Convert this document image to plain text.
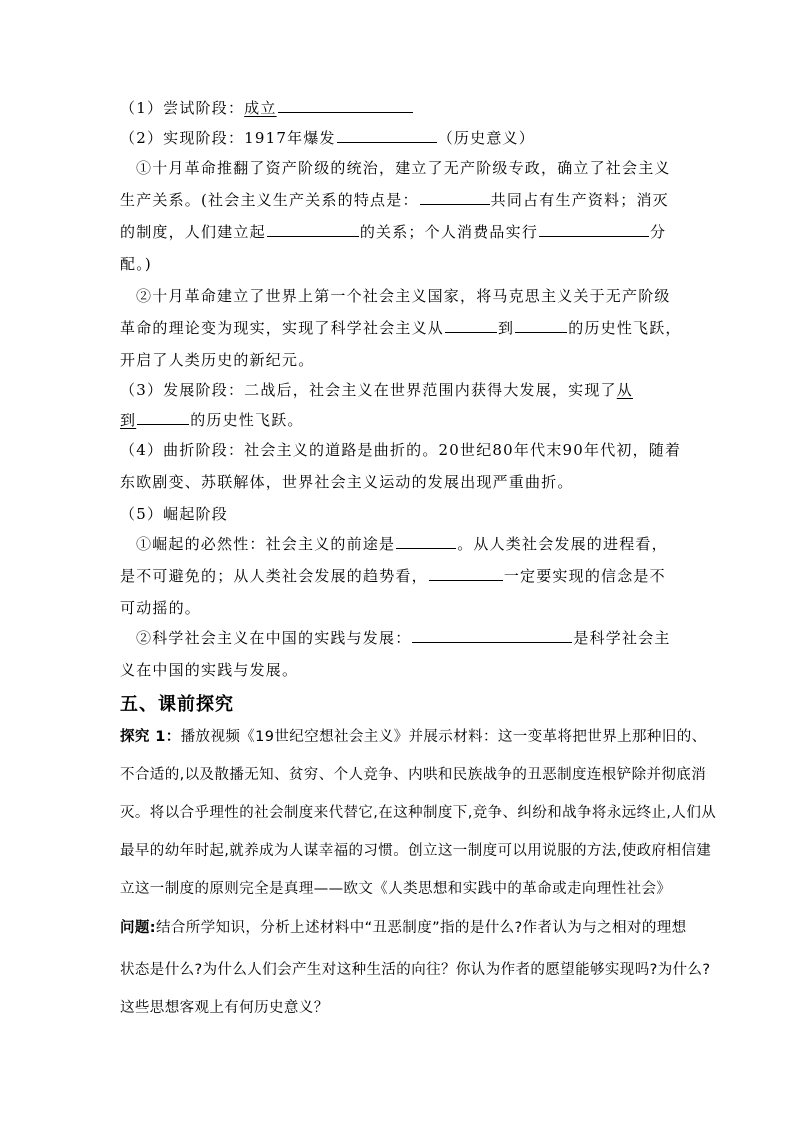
（1）尝试阶段：成立
（2）实现阶段：1917年爆发	（历史意义）
①十月革命推翻了资产阶级的统治，建立了无产阶级专政，确立了社会主义
生产关系。(社会主义生产关系的特点是：	共同占有生产资料；消灭
的制度，人们建立起	的关系；个人消费品实行	分
配。)
②十月革命建立了世界上第一个社会主义国家，将马克思主义关于无产阶级
革命的理论变为现实，实现了科学社会主义从	到	的历史性飞跃，
开启了人类历史的新纪元。
（3）发展阶段：二战后，社会主义在世界范围内获得大发展，实现了从
到	的历史性飞跃。
（4）曲折阶段：社会主义的道路是曲折的。20世纪80年代末90年代初，随着
东欧剧变、苏联解体，世界社会主义运动的发展出现严重曲折。
（5）崛起阶段
①崛起的必然性：社会主义的前途是	。从人类社会发展的进程看，
是不可避免的；从人类社会发展的趋势看，	一定要实现的信念是不
可动摇的。
②科学社会主义在中国的实践与发展：	是科学社会主
义在中国的实践与发展。
五、课前探究
探究 1：播放视频《19世纪空想社会主义》并展示材料：这一变革将把世界上那种旧的、
不合适的,以及散播无知、贫穷、个人竞争、内哄和民族战争的丑恶制度连根铲除并彻底消
灭。将以合乎理性的社会制度来代替它,在这种制度下,竞争、纠纷和战争将永远终止,人们从
最早的幼年时起,就养成为人谋幸福的习惯。创立这一制度可以用说服的方法,使政府相信建
立这一制度的原则完全是真理——欧文《人类思想和实践中的革命或走向理性社会》
问题:结合所学知识，分析上述材料中“丑恶制度”指的是什么?作者认为与之相对的理想
状态是什么?为什么人们会产生对这种生活的向往？你认为作者的愿望能够实现吗?为什么?
这些思想客观上有何历史意义？
